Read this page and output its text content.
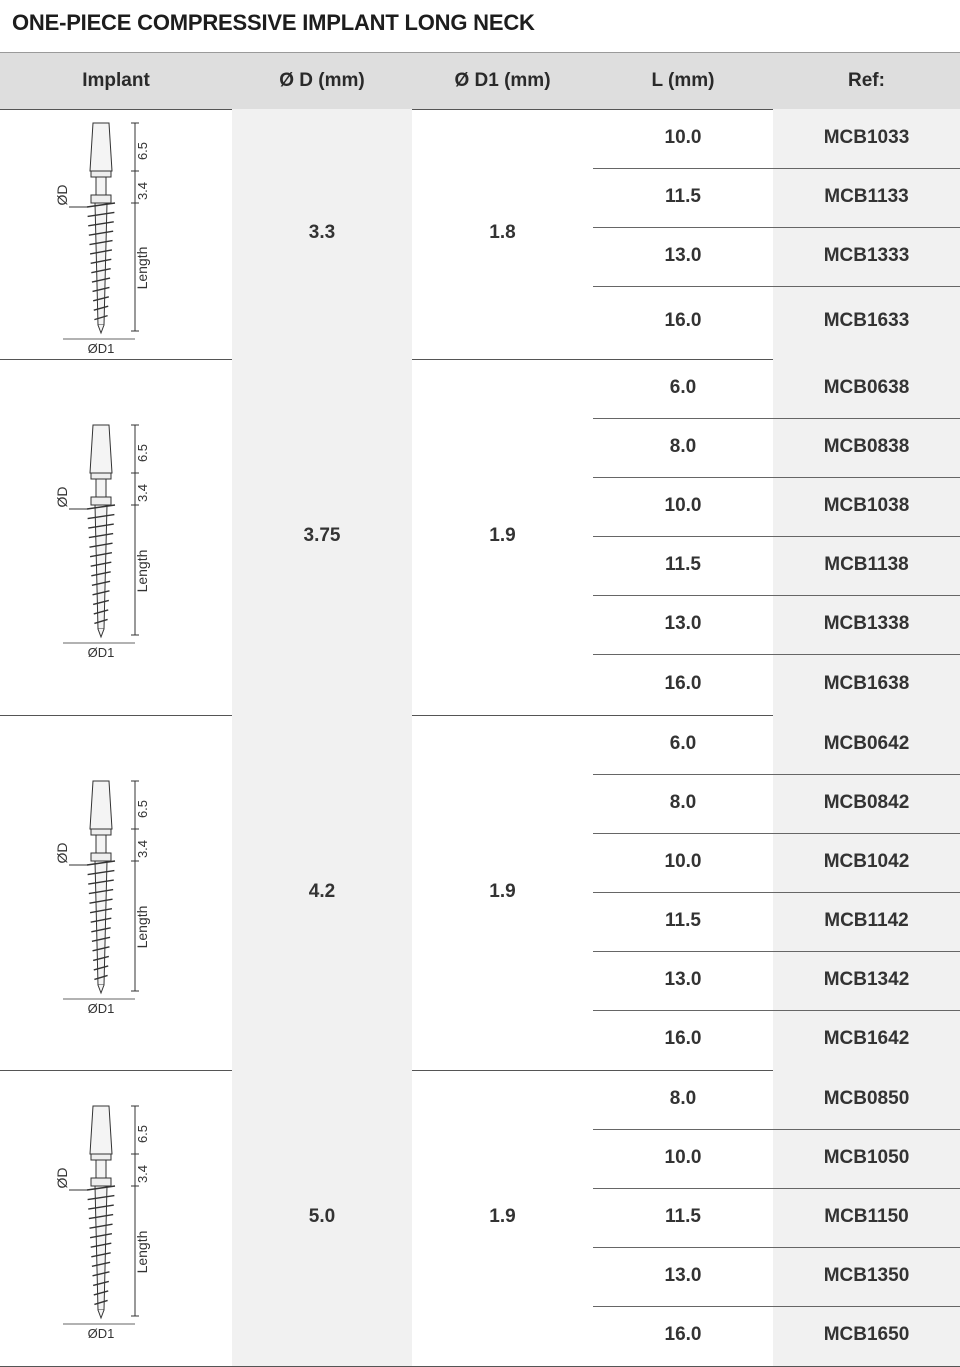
ONE-PIECE COMPRESSIVE IMPLANT LONG NECK
Implant	Ø D (mm)	Ø D1 (mm)	L (mm)	Ref:
6.5
3.4
Length
ØD
ØD1
3.3	1.8
10.0	MCB1033
11.5	MCB1133
13.0	MCB1333
16.0	MCB1633
6.5
3.4
Length
ØD
ØD1
3.75	1.9
6.0	MCB0638
8.0	MCB0838
10.0	MCB1038
11.5	MCB1138
13.0	MCB1338
16.0	MCB1638
6.5
3.4
Length
ØD
ØD1
4.2	1.9
6.0	MCB0642
8.0	MCB0842
10.0	MCB1042
11.5	MCB1142
13.0	MCB1342
16.0	MCB1642
6.5
3.4
Length
ØD
ØD1
5.0	1.9
8.0	MCB0850
10.0	MCB1050
11.5	MCB1150
13.0	MCB1350
16.0	MCB1650
